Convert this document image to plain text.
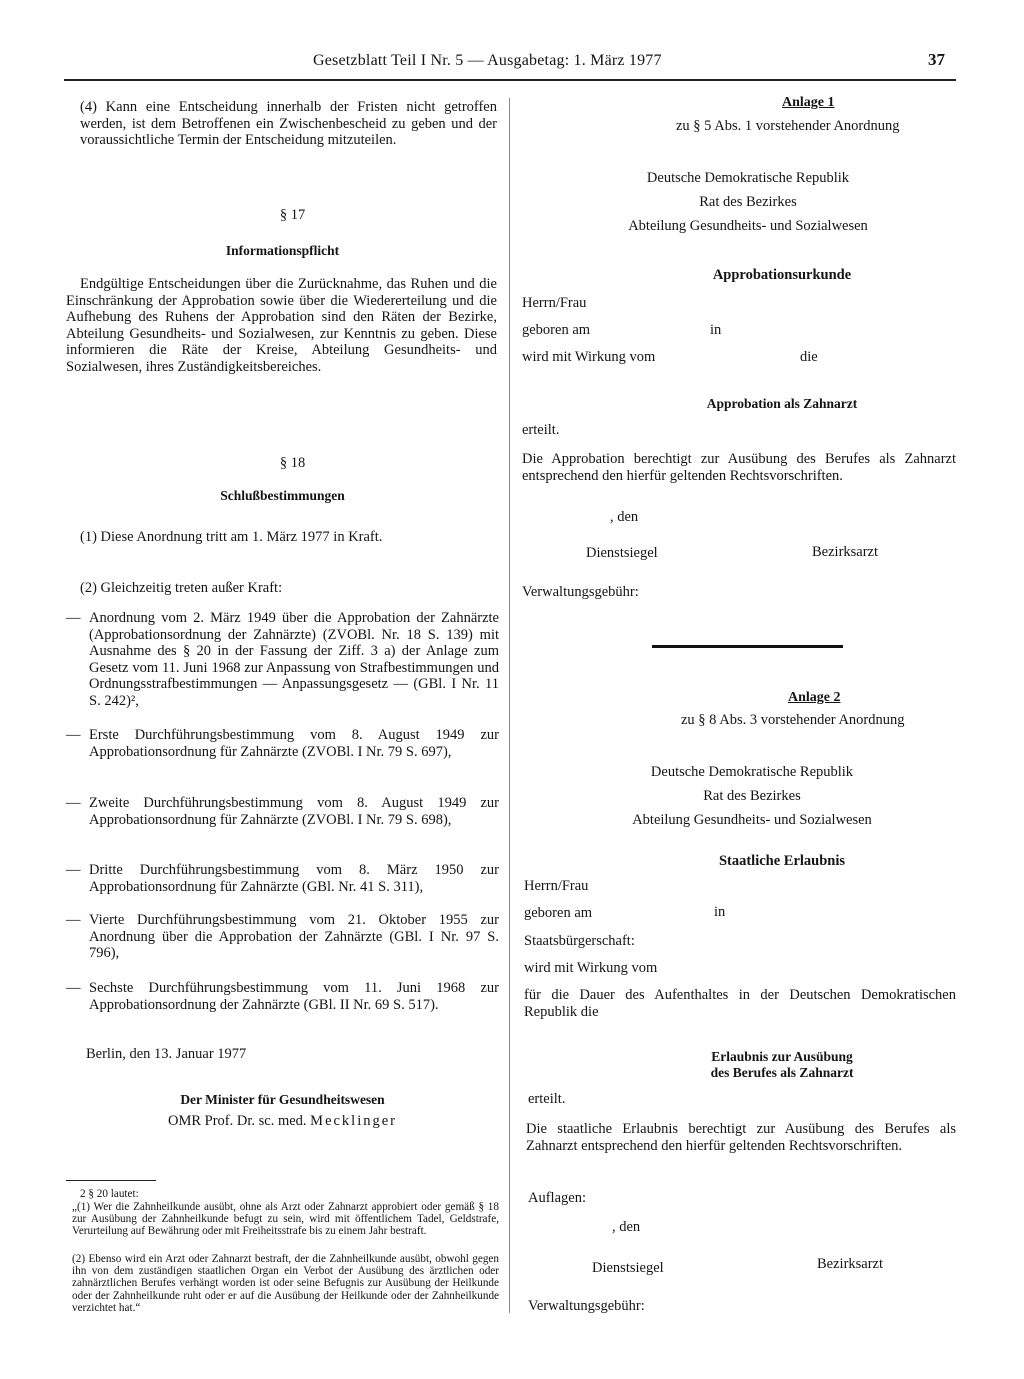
Gesetzblatt Teil I Nr. 5 — Ausgabetag: 1. März 1977	37
(4) Kann eine Entscheidung innerhalb der Fristen nicht getroffen werden, ist dem Betroffenen ein Zwischenbescheid zu geben und der voraussichtliche Termin der Entscheidung mitzuteilen.
§ 17
Informationspflicht
Endgültige Entscheidungen über die Zurücknahme, das Ruhen und die Einschränkung der Approbation sowie über die Wiedererteilung und die Aufhebung des Ruhens der Approbation sind den Räten der Bezirke, Abteilung Gesundheits- und Sozialwesen, zur Kenntnis zu geben. Diese informieren die Räte der Kreise, Abteilung Gesundheits- und Sozialwesen, ihres Zuständigkeitsbereiches.
§ 18
Schlußbestimmungen
(1) Diese Anordnung tritt am 1. März 1977 in Kraft.
(2) Gleichzeitig treten außer Kraft:
— Anordnung vom 2. März 1949 über die Approbation der Zahnärzte (Approbationsordnung der Zahnärzte) (ZVOBl. Nr. 18 S. 139) mit Ausnahme des § 20 in der Fassung der Ziff. 3 a) der Anlage zum Gesetz vom 11. Juni 1968 zur Anpassung von Strafbestimmungen und Ordnungsstrafbestimmungen — Anpassungsgesetz — (GBl. I Nr. 11 S. 242)²,
— Erste Durchführungsbestimmung vom 8. August 1949 zur Approbationsordnung für Zahnärzte (ZVOBl. I Nr. 79 S. 697),
— Zweite Durchführungsbestimmung vom 8. August 1949 zur Approbationsordnung für Zahnärzte (ZVOBl. I Nr. 79 S. 698),
— Dritte Durchführungsbestimmung vom 8. März 1950 zur Approbationsordnung für Zahnärzte (GBl. Nr. 41 S. 311),
— Vierte Durchführungsbestimmung vom 21. Oktober 1955 zur Anordnung über die Approbation der Zahnärzte (GBl. I Nr. 97 S. 796),
— Sechste Durchführungsbestimmung vom 11. Juni 1968 zur Approbationsordnung der Zahnärzte (GBl. II Nr. 69 S. 517).
Berlin, den 13. Januar 1977
Der Minister für Gesundheitswesen
OMR Prof. Dr. sc. med. Mecklinger
2 § 20 lautet:
„(1) Wer die Zahnheilkunde ausübt, ohne als Arzt oder Zahnarzt approbiert oder gemäß § 18 zur Ausübung der Zahnheilkunde befugt zu sein, wird mit öffentlichem Tadel, Geldstrafe, Verurteilung auf Bewährung oder mit Freiheitsstrafe bis zu einem Jahr bestraft.
(2) Ebenso wird ein Arzt oder Zahnarzt bestraft, der die Zahnheilkunde ausübt, obwohl gegen ihn von dem zuständigen staatlichen Organ ein Verbot der Ausübung des ärztlichen oder zahnärztlichen Berufes verhängt worden ist oder seine Befugnis zur Ausübung der Heilkunde oder der Zahnheilkunde ruht oder er auf die Ausübung der Heilkunde oder der Zahnheilkunde verzichtet hat.“
Anlage 1
zu § 5 Abs. 1 vorstehender Anordnung
Deutsche Demokratische Republik
Rat des Bezirkes
Abteilung Gesundheits- und Sozialwesen
Approbationsurkunde
Herrn/Frau
geboren am	in
wird mit Wirkung vom	die
Approbation als Zahnarzt
erteilt.
Die Approbation berechtigt zur Ausübung des Berufes als Zahnarzt entsprechend den hierfür geltenden Rechtsvorschriften.
, den
Dienstsiegel	Bezirksarzt
Verwaltungsgebühr:
Anlage 2
zu § 8 Abs. 3 vorstehender Anordnung
Deutsche Demokratische Republik
Rat des Bezirkes
Abteilung Gesundheits- und Sozialwesen
Staatliche Erlaubnis
Herrn/Frau
geboren am	in
Staatsbürgerschaft:
wird mit Wirkung vom
für die Dauer des Aufenthaltes in der Deutschen Demokratischen Republik die
Erlaubnis zur Ausübung
des Berufes als Zahnarzt
erteilt.
Die staatliche Erlaubnis berechtigt zur Ausübung des Berufes als Zahnarzt entsprechend den hierfür geltenden Rechtsvorschriften.
Auflagen:
, den
Dienstsiegel	Bezirksarzt
Verwaltungsgebühr:
